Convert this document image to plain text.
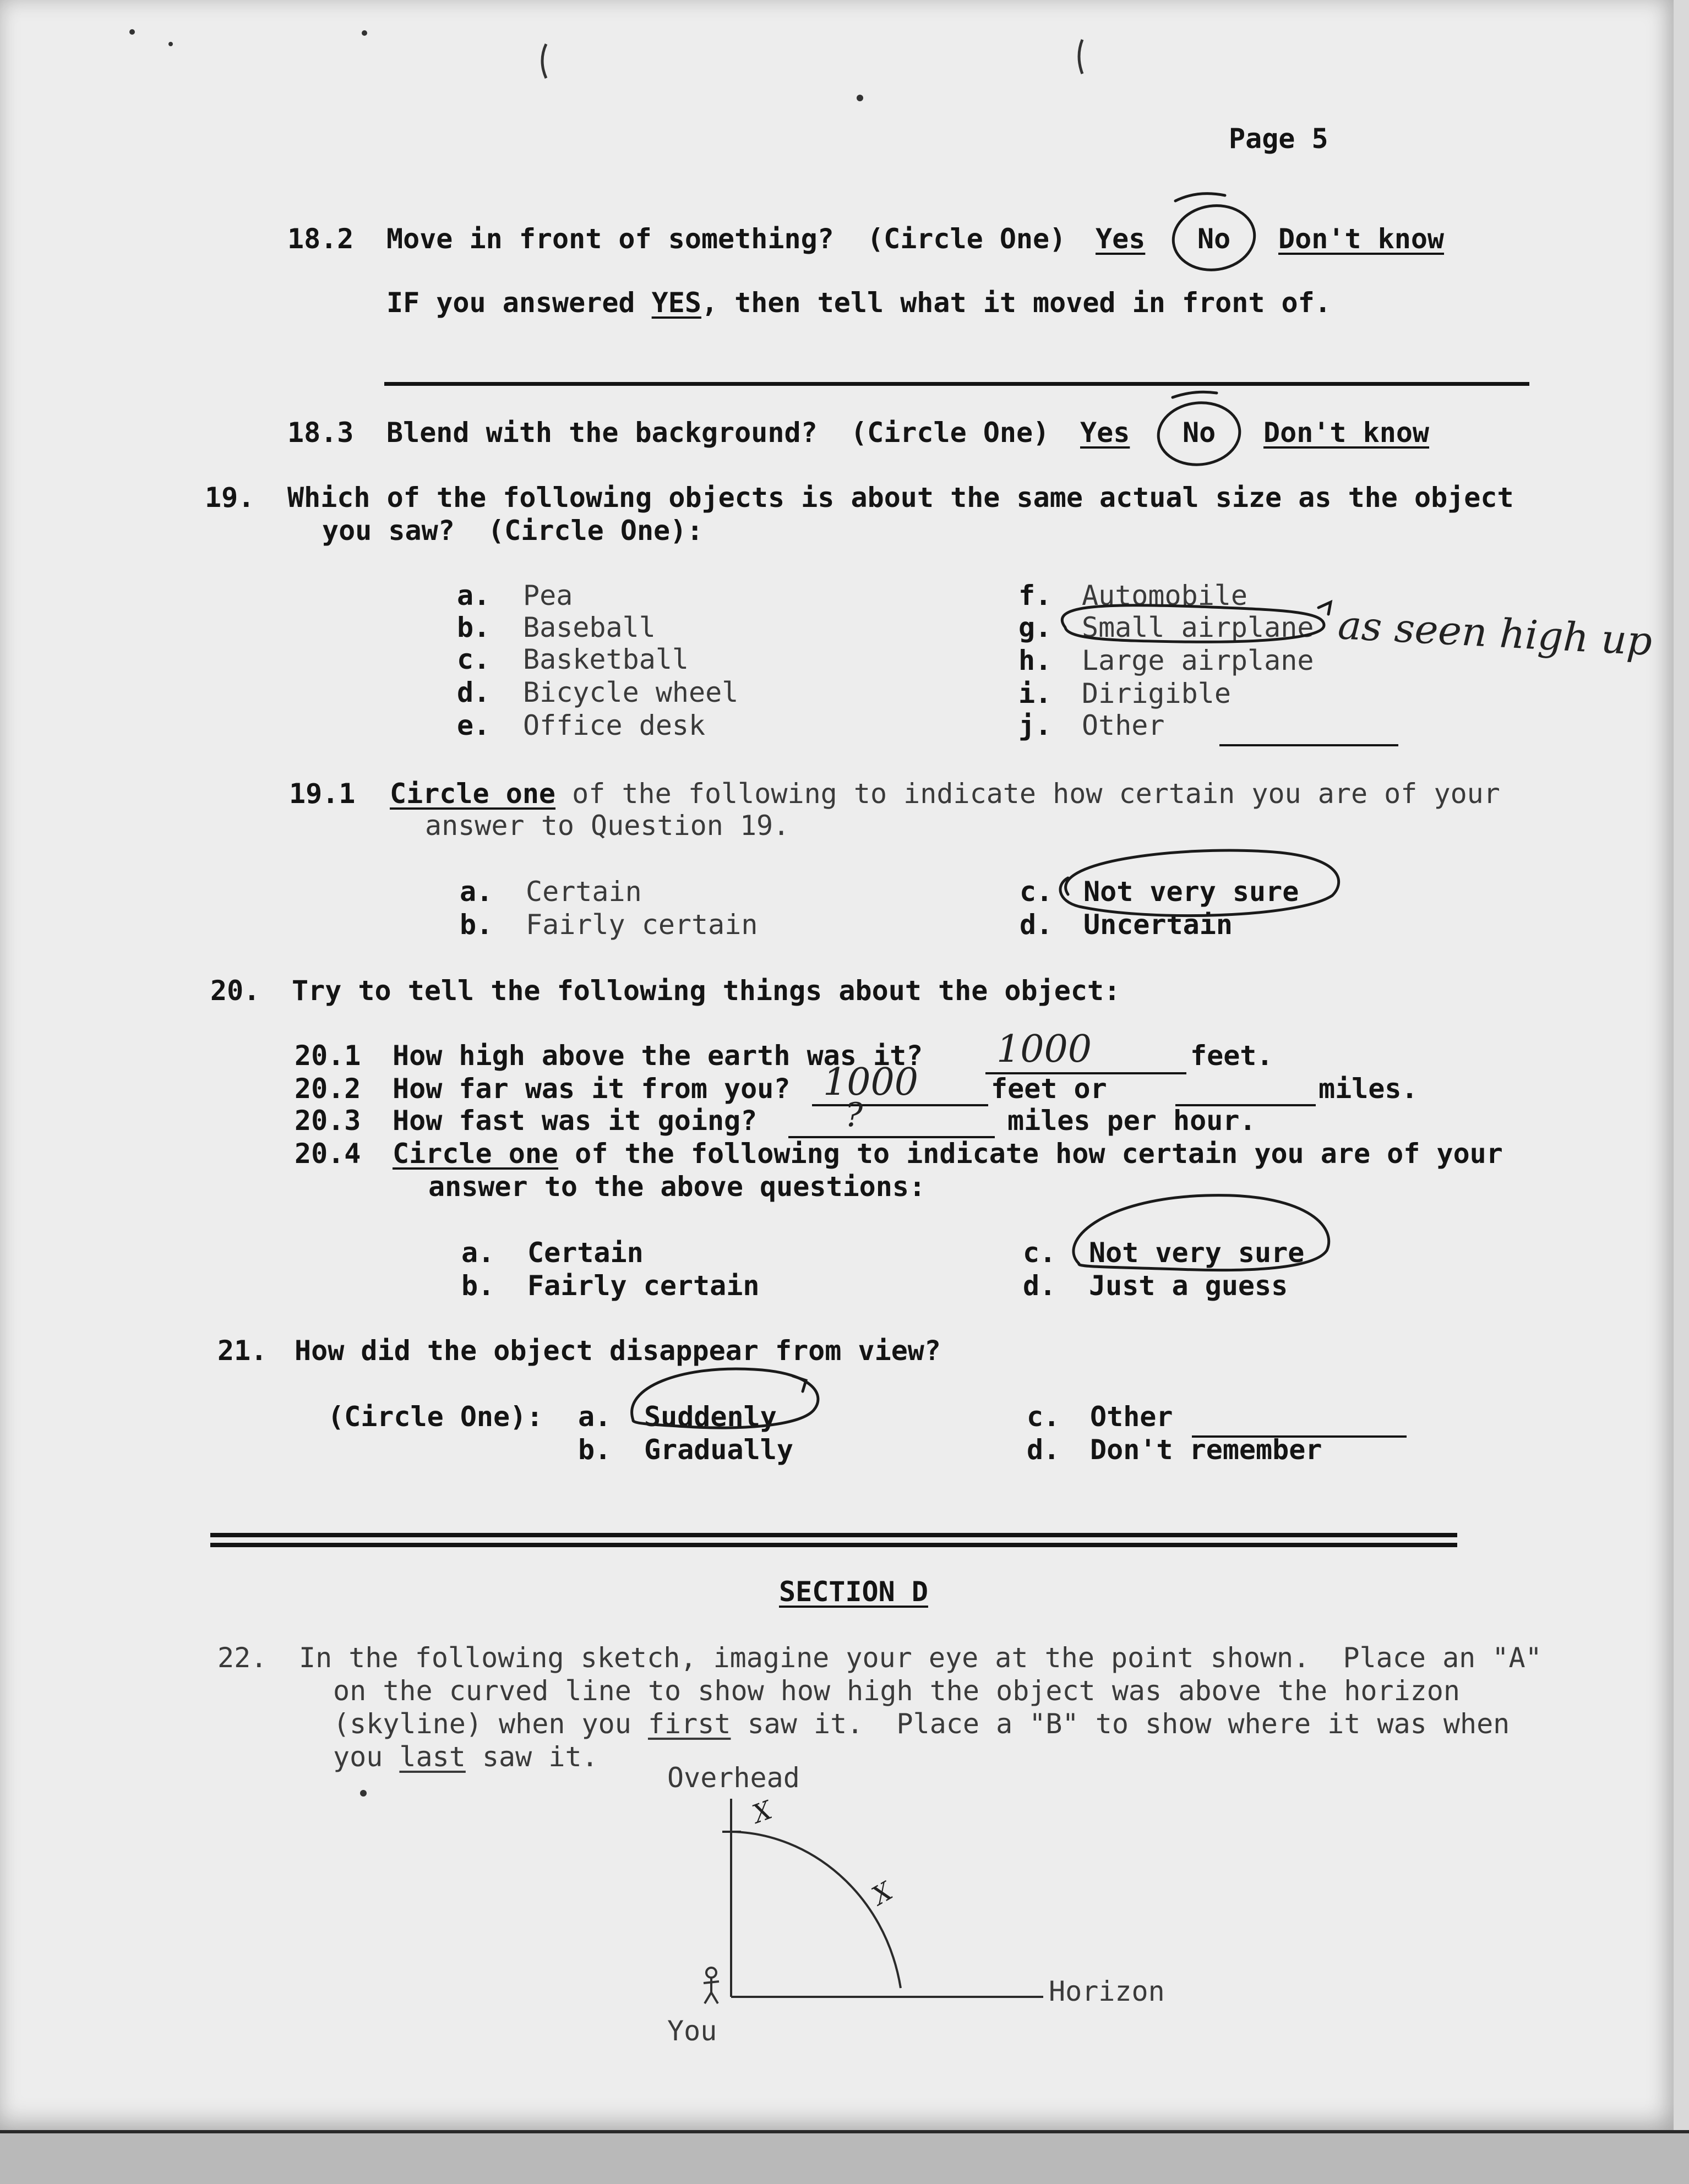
Page 5
18.2 Move in front of something? (Circle One) Yes No Don't know
IF you answered YES, then tell what it moved in front of.
18.3 Blend with the background? (Circle One) Yes No Don't know
19. Which of the following objects is about the same actual size as the object
you saw?  (Circle One):
a. Pea
b. Baseball
c. Basketball
d. Bicycle wheel
e. Office desk
f. Automobile
g. Small airplane
h. Large airplane
i. Dirigible
j. Other
as seen high up
19.1 Circle one of the following to indicate how certain you are of your
answer to Question 19.
a. Certain
b. Fairly certain
c. Not very sure
d. Uncertain
20. Try to tell the following things about the object:
20.1 How high above the earth was it? 1000	feet.
20.2 How far was it from you? 1000	feet or	miles.
20.3 How fast was it going?	?	miles per hour.
20.4 Circle one of the following to indicate how certain you are of your
answer to the above questions:
a. Certain
b. Fairly certain
c. Not very sure
d. Just a guess
21. How did the object disappear from view?
(Circle One): a. Suddenly
b. Gradually
c. Other
d. Don't remember
SECTION D
22. In the following sketch, imagine your eye at the point shown.  Place an "A"
on the curved line to show how high the object was above the horizon
(skyline) when you first saw it.  Place a "B" to show where it was when
you last saw it.
Overhead
Horizon
You
X
X
